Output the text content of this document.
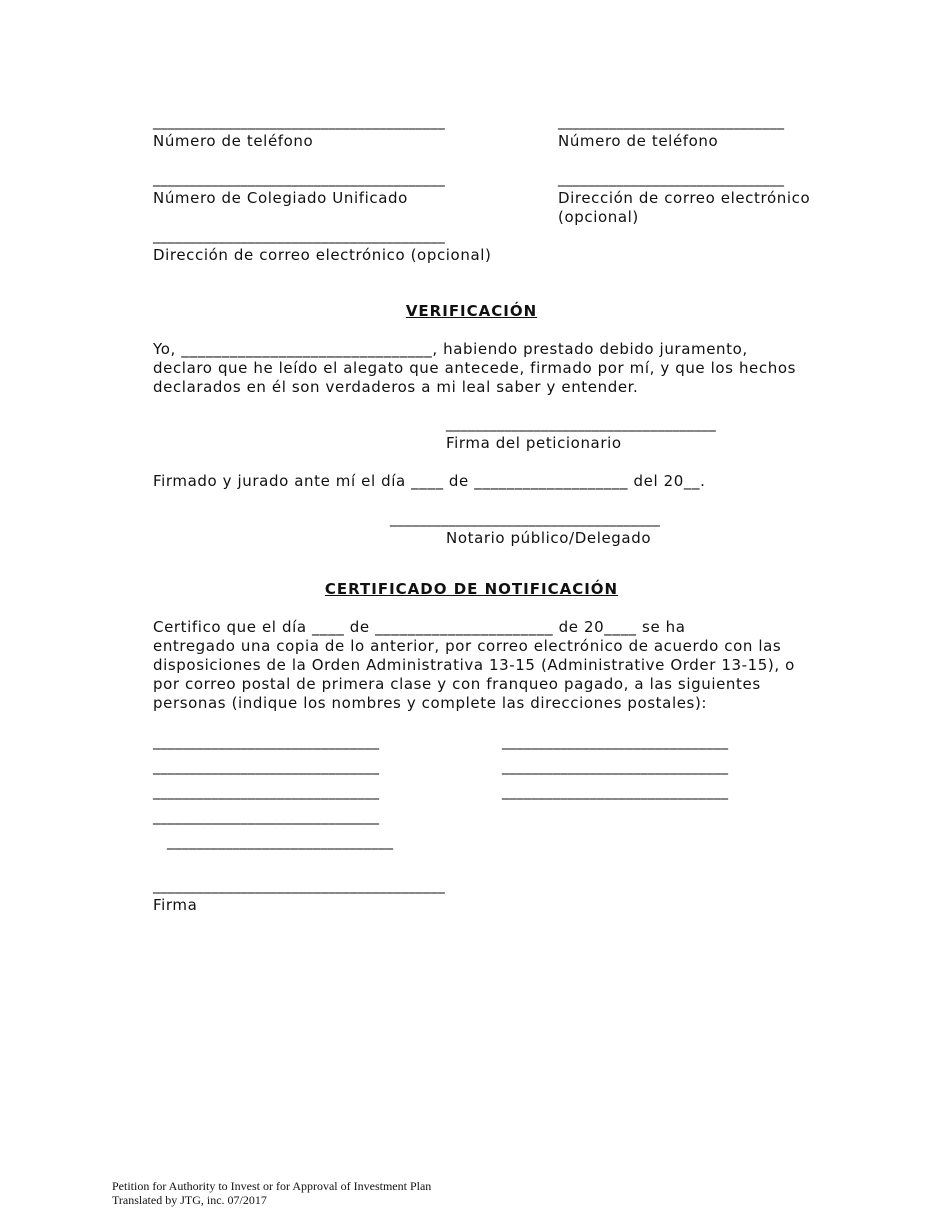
________________________________________
Número de teléfono
________________________________________
Número de Colegiado Unificado
________________________________________
Dirección de correo electrónico (opcional)
_______________________________
Número de teléfono
_______________________________
Dirección de correo electrónico
(opcional)
VERIFICACIÓN
Yo, _______________________________, habiendo prestado debido juramento,
declaro que he leído el alegato que antecede, firmado por mí, y que los hechos
declarados en él son verdaderos a mi leal saber y entender.
_____________________________________
Firma del peticionario
Firmado y jurado ante mí el día ____ de ___________________ del 20__.
_____________________________________
Notario público/Delegado
CERTIFICADO DE NOTIFICACIÓN
Certifico que el día ____ de ______________________ de 20____ se ha
entregado una copia de lo anterior, por correo electrónico de acuerdo con las
disposiciones de la Orden Administrativa 13-15 (Administrative Order 13-15), o
por correo postal de primera clase y con franqueo pagado, a las siguientes
personas (indique los nombres y complete las direcciones postales):
_______________________________
_______________________________
_______________________________
_______________________________
_______________________________
_______________________________
_______________________________
_______________________________
________________________________________
Firma
Petition for Authority to Invest or for Approval of Investment Plan
Translated by JTG, inc. 07/2017
